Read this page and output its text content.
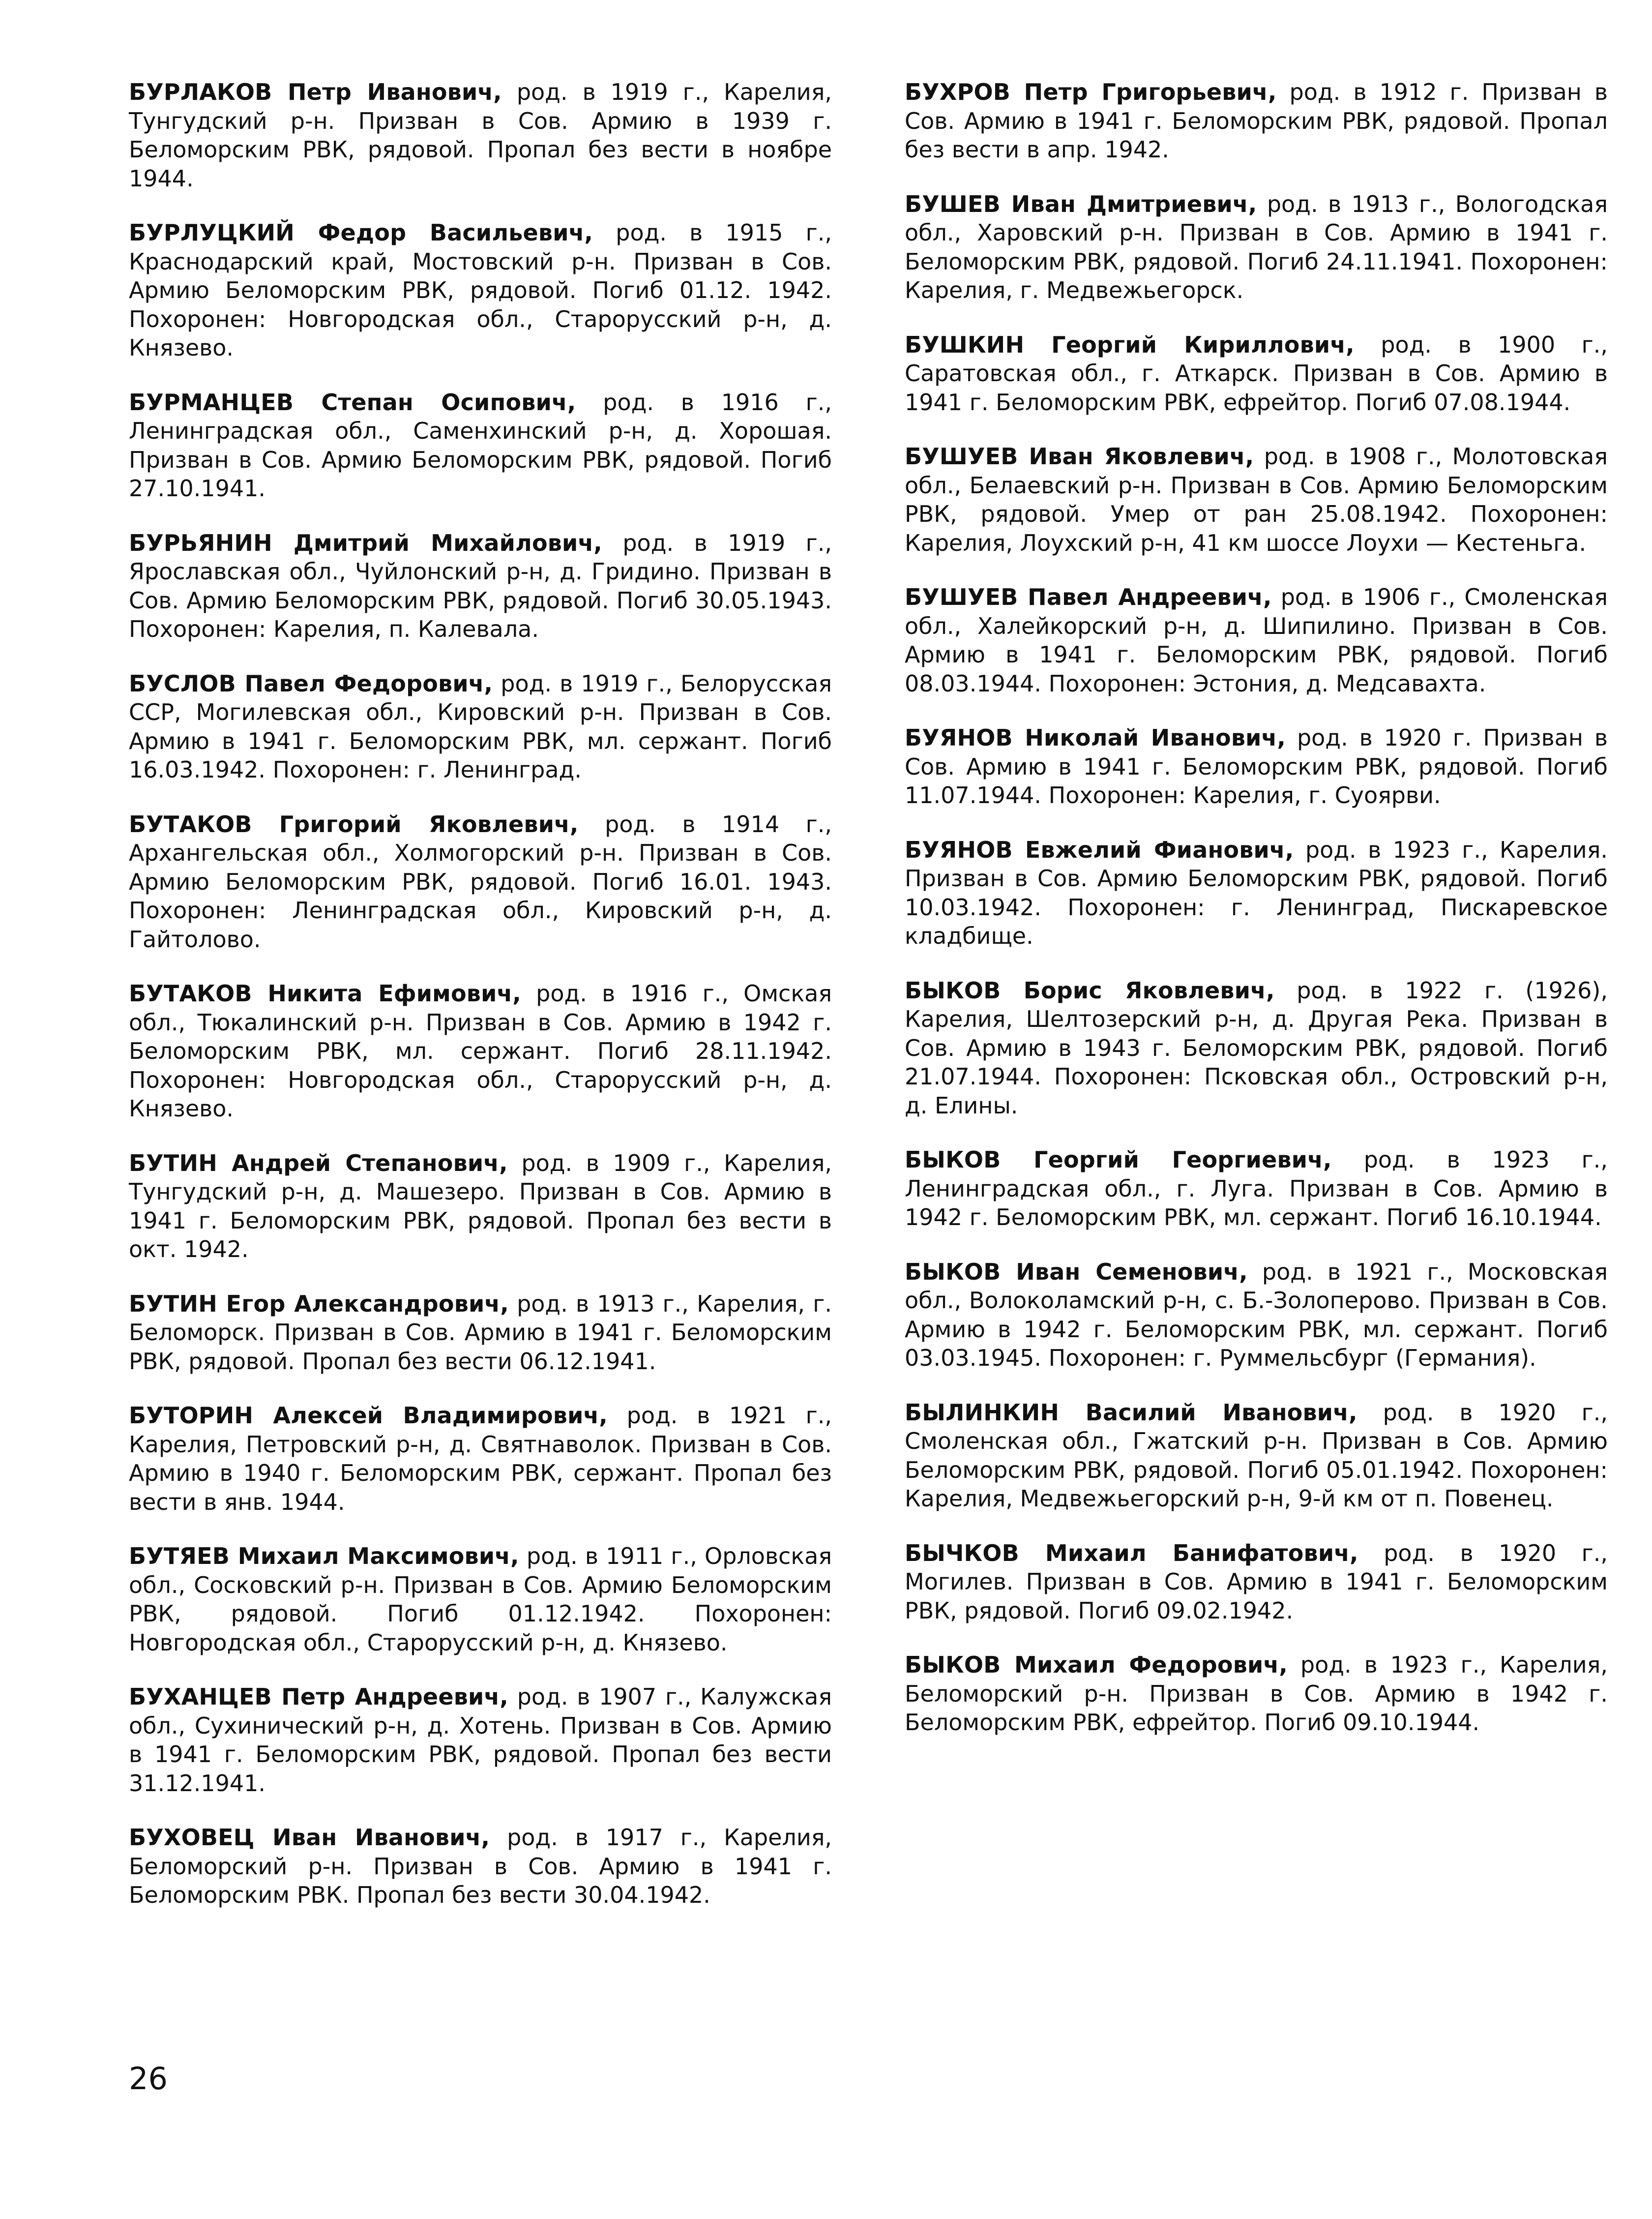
БУРЛАКОВ Петр Иванович, род. в 1919 г., Карелия, Тунгудский р-н. Призван в Сов. Армию в 1939 г. Беломорским РВК, рядовой. Пропал без вести в ноябре 1944.

БУРЛУЦКИЙ Федор Васильевич, род. в 1915 г., Краснодарский край, Мостовский р-н. Призван в Сов. Армию Беломорским РВК, рядовой. Погиб 01.12. 1942. Похоронен: Новгородская обл., Старорусский р-н, д. Князево.

БУРМАНЦЕВ Степан Осипович, род. в 1916 г., Ленинградская обл., Саменхинский р-н, д. Хорошая. Призван в Сов. Армию Беломорским РВК, рядовой. Погиб 27.10.1941.

БУРЬЯНИН Дмитрий Михайлович, род. в 1919 г., Ярославская обл., Чуйлонский р-н, д. Гридино. Призван в Сов. Армию Беломорским РВК, рядовой. Погиб 30.05.1943. Похоронен: Карелия, п. Калевала.

БУСЛОВ Павел Федорович, род. в 1919 г., Белорусская ССР, Могилевская обл., Кировский р-н. Призван в Сов. Армию в 1941 г. Беломорским РВК, мл. сержант. Погиб 16.03.1942. Похоронен: г. Ленинград.

БУТАКОВ Григорий Яковлевич, род. в 1914 г., Архангельская обл., Холмогорский р-н. Призван в Сов. Армию Беломорским РВК, рядовой. Погиб 16.01. 1943. Похоронен: Ленинградская обл., Кировский р-н, д. Гайтолово.

БУТАКОВ Никита Ефимович, род. в 1916 г., Омская обл., Тюкалинский р-н. Призван в Сов. Армию в 1942 г. Беломорским РВК, мл. сержант. Погиб 28.11.1942. Похоронен: Новгородская обл., Старорусский р-н, д. Князево.

БУТИН Андрей Степанович, род. в 1909 г., Карелия, Тунгудский р-н, д. Машезеро. Призван в Сов. Армию в 1941 г. Беломорским РВК, рядовой. Пропал без вести в окт. 1942.

БУТИН Егор Александрович, род. в 1913 г., Карелия, г. Беломорск. Призван в Сов. Армию в 1941 г. Беломорским РВК, рядовой. Пропал без вести 06.12.1941.

БУТОРИН Алексей Владимирович, род. в 1921 г., Карелия, Петровский р-н, д. Святнаволок. Призван в Сов. Армию в 1940 г. Беломорским РВК, сержант. Пропал без вести в янв. 1944.

БУТЯЕВ Михаил Максимович, род. в 1911 г., Орловская обл., Сосковский р-н. Призван в Сов. Армию Беломорским РВК, рядовой. Погиб 01.12.1942. Похоронен: Новгородская обл., Старорусский р-н, д. Князево.

БУХАНЦЕВ Петр Андреевич, род. в 1907 г., Калужская обл., Сухиничеcкий р-н, д. Хотень. Призван в Сов. Армию в 1941 г. Беломорским РВК, рядовой. Пропал без вести 31.12.1941.

БУХОВЕЦ Иван Иванович, род. в 1917 г., Карелия, Беломорский р-н. Призван в Сов. Армию в 1941 г. Беломорским РВК. Пропал без вести 30.04.1942.

БУХРОВ Петр Григорьевич, род. в 1912 г. Призван в Сов. Армию в 1941 г. Беломорским РВК, рядовой. Пропал без вести в апр. 1942.

БУШЕВ Иван Дмитриевич, род. в 1913 г., Вологодская обл., Харовский р-н. Призван в Сов. Армию в 1941 г. Беломорским РВК, рядовой. Погиб 24.11.1941. Похоронен: Карелия, г. Медвежьегорск.

БУШКИН Георгий Кириллович, род. в 1900 г., Саратовская обл., г. Аткарск. Призван в Сов. Армию в 1941 г. Беломорским РВК, ефрейтор. Погиб 07.08.1944.

БУШУЕВ Иван Яковлевич, род. в 1908 г., Молотовская обл., Белаевский р-н. Призван в Сов. Армию Беломорским РВК, рядовой. Умер от ран 25.08.1942. Похоронен: Карелия, Лоухский р-н, 41 км шоссе Лоухи — Кестеньга.

БУШУЕВ Павел Андреевич, род. в 1906 г., Смоленская обл., Халейкорский р-н, д. Шипилино. Призван в Сов. Армию в 1941 г. Беломорским РВК, рядовой. Погиб 08.03.1944. Похоронен: Эстония, д. Медсавахта.

БУЯНОВ Николай Иванович, род. в 1920 г. Призван в Сов. Армию в 1941 г. Беломорским РВК, рядовой. Погиб 11.07.1944. Похоронен: Карелия, г. Суоярви.

БУЯНОВ Евжелий Фианович, род. в 1923 г., Карелия. Призван в Сов. Армию Беломорским РВК, рядовой. Погиб 10.03.1942. Похоронен: г. Ленинград, Пискаревское кладбище.

БЫКОВ Борис Яковлевич, род. в 1922 г. (1926), Карелия, Шелтозерский р-н, д. Другая Река. Призван в Сов. Армию в 1943 г. Беломорским РВК, рядовой. Погиб 21.07.1944. Похоронен: Псковская обл., Островский р-н, д. Елины.

БЫКОВ Георгий Георгиевич, род. в 1923 г., Ленинградская обл., г. Луга. Призван в Сов. Армию в 1942 г. Беломорским РВК, мл. сержант. Погиб 16.10.1944.

БЫКОВ Иван Семенович, род. в 1921 г., Московская обл., Волоколамский р-н, с. Б.-Золоперово. Призван в Сов. Армию в 1942 г. Беломорским РВК, мл. сержант. Погиб 03.03.1945. Похоронен: г. Руммельсбург (Германия).

БЫЛИНКИН Василий Иванович, род. в 1920 г., Смоленская обл., Гжатский р-н. Призван в Сов. Армию Беломорским РВК, рядовой. Погиб 05.01.1942. Похоронен: Карелия, Медвежьегорский р-н, 9-й км от п. Повенец.

БЫЧКОВ Михаил Банифатович, род. в 1920 г., Могилев. Призван в Сов. Армию в 1941 г. Беломорским РВК, рядовой. Погиб 09.02.1942.

БЫКОВ Михаил Федорович, род. в 1923 г., Карелия, Беломорский р-н. Призван в Сов. Армию в 1942 г. Беломорским РВК, ефрейтор. Погиб 09.10.1944.

26
